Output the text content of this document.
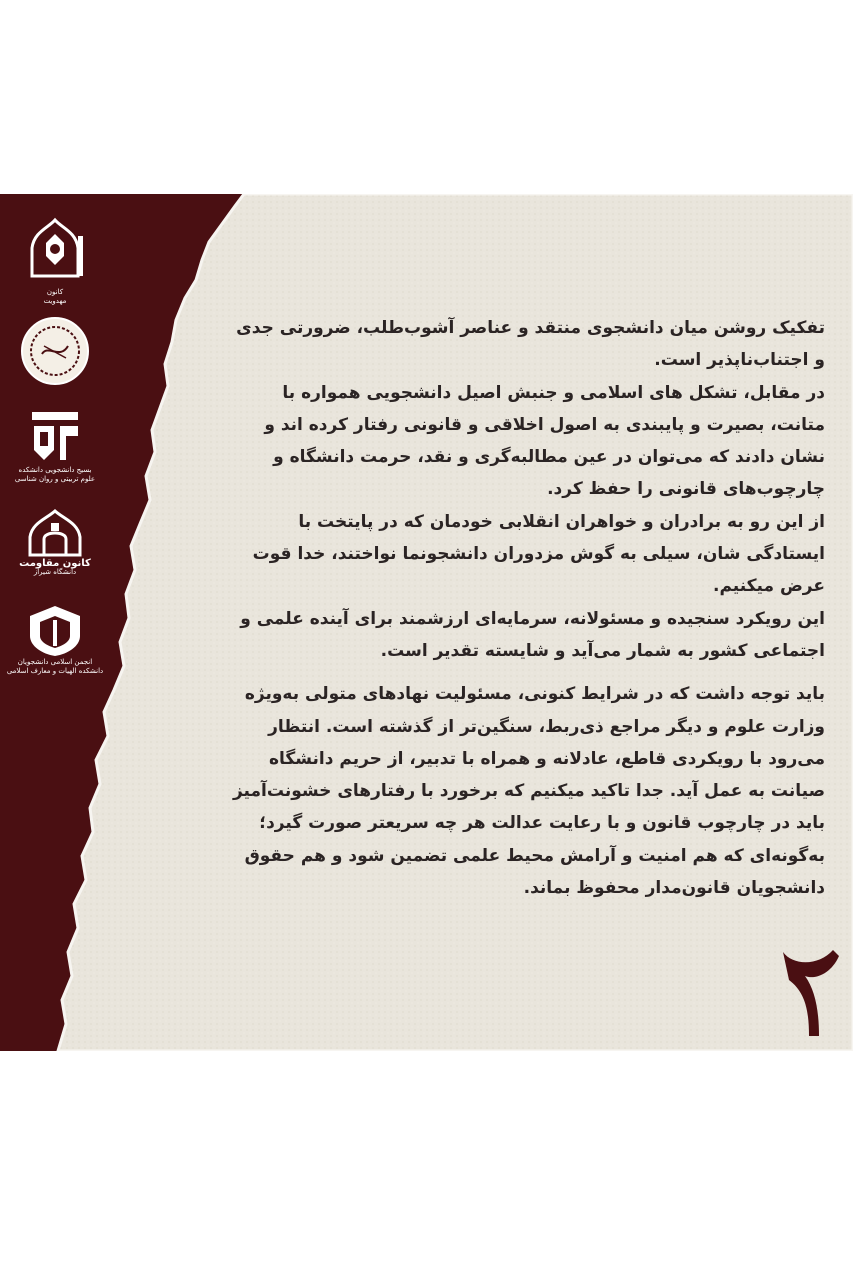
کانون
مهدویت
بسیج دانشجویی دانشکده
علوم تربیتی و روان شناسی
کانون مقاومت
دانشگاه شیراز
انجمن اسلامی دانشجویان
دانشکده الهیات و معارف اسلامی

تفکیک روشن میان دانشجوی منتقد و عناصر آشوب‌طلب، ضرورتی جدی و اجتناب‌ناپذیر است.

در مقابل، تشکل های اسلامی و جنبش اصیل دانشجویی همواره با متانت، بصیرت و پایبندی به اصول اخلاقی و قانونی رفتار کرده اند و نشان دادند که می‌توان در عین مطالبه‌گری و نقد، حرمت دانشگاه و چارچوب‌های قانونی را حفظ کرد.

از این رو به برادران و خواهران انقلابی خودمان که در پایتخت با ایستادگی شان، سیلی به گوش مزدوران دانشجونما نواختند، خدا قوت عرض میکنیم.

این رویکرد سنجیده و مسئولانه، سرمایه‌ای ارزشمند برای آینده علمی و اجتماعی کشور به شمار می‌آید و شایسته تقدیر است.

باید توجه داشت که در شرایط کنونی، مسئولیت نهادهای متولی به‌ویژه وزارت علوم و دیگر مراجع ذی‌ربط، سنگین‌تر از گذشته است. انتظار می‌رود با رویکردی قاطع، عادلانه و همراه با تدبیر، از حریم دانشگاه صیانت به عمل آید. جدا تاکید میکنیم که برخورد با رفتارهای خشونت‌آمیز باید در چارچوب قانون و با رعایت عدالت هر چه سریعتر صورت گیرد؛ به‌گونه‌ای که هم امنیت و آرامش محیط علمی تضمین شود و هم حقوق دانشجویان قانون‌مدار محفوظ بماند.
